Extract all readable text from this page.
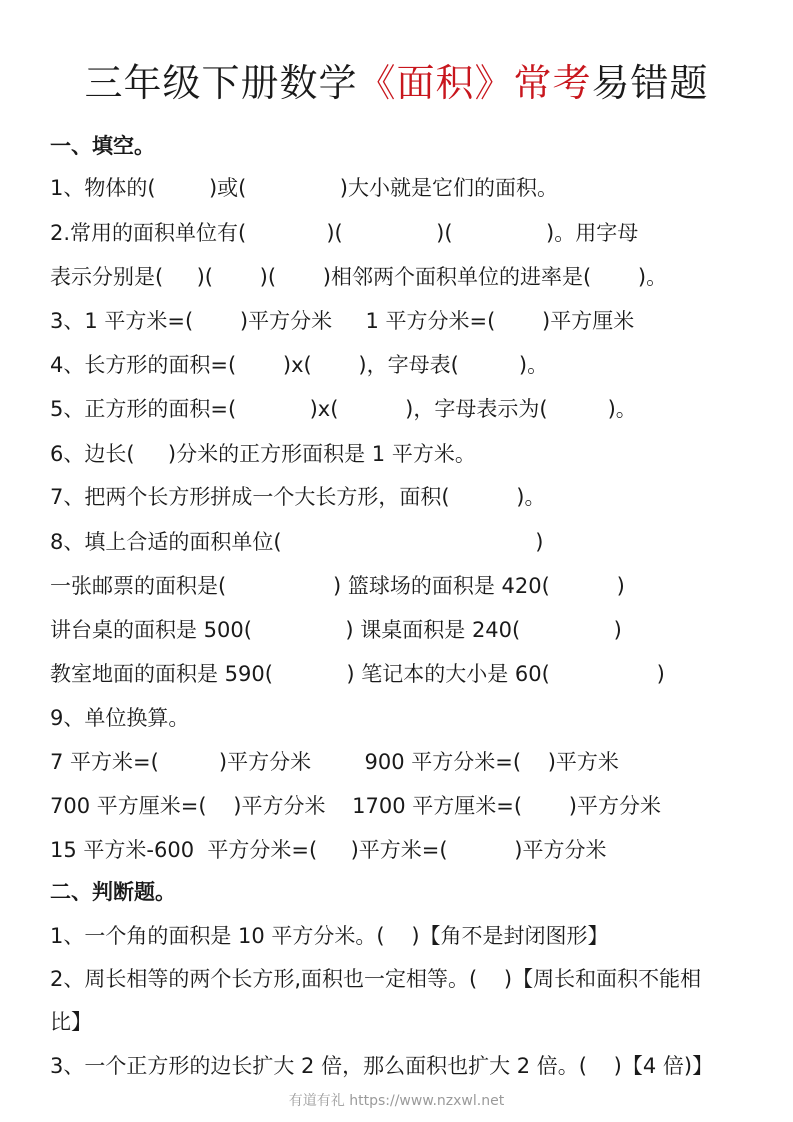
三年级下册数学《面积》常考易错题
一、填空。
1、物体的(        )或(              )大小就是它们的面积。
2.常用的面积单位有(            )(              )(              )。用字母
表示分别是(     )(       )(       )相邻两个面积单位的进率是(       )。
3、1 平方米=(       )平方分米     1 平方分米=(       )平方厘米
4、长方形的面积=(       )x(       )，字母表(         )。
5、正方形的面积=(           )x(          )，字母表示为(         )。
6、边长(     )分米的正方形面积是 1 平方米。
7、把两个长方形拼成一个大长方形，面积(          )。
8、填上合适的面积单位(                                      )
一张邮票的面积是(                ) 篮球场的面积是 420(          )
讲台桌的面积是 500(              ) 课桌面积是 240(              )
教室地面的面积是 590(           ) 笔记本的大小是 60(                )
9、单位换算。
7 平方米=(         )平方分米        900 平方分米=(    )平方米
700 平方厘米=(    )平方分米    1700 平方厘米=(       )平方分米
15 平方米-600  平方分米=(     )平方米=(          )平方分米
二、判断题。
1、一个角的面积是 10 平方分米。(    )【角不是封闭图形】
2、周长相等的两个长方形,面积也一定相等。(    )【周长和面积不能相
比】
3、一个正方形的边长扩大 2 倍，那么面积也扩大 2 倍。(    )【4 倍)】
有道有礼 https://www.nzxwl.net
